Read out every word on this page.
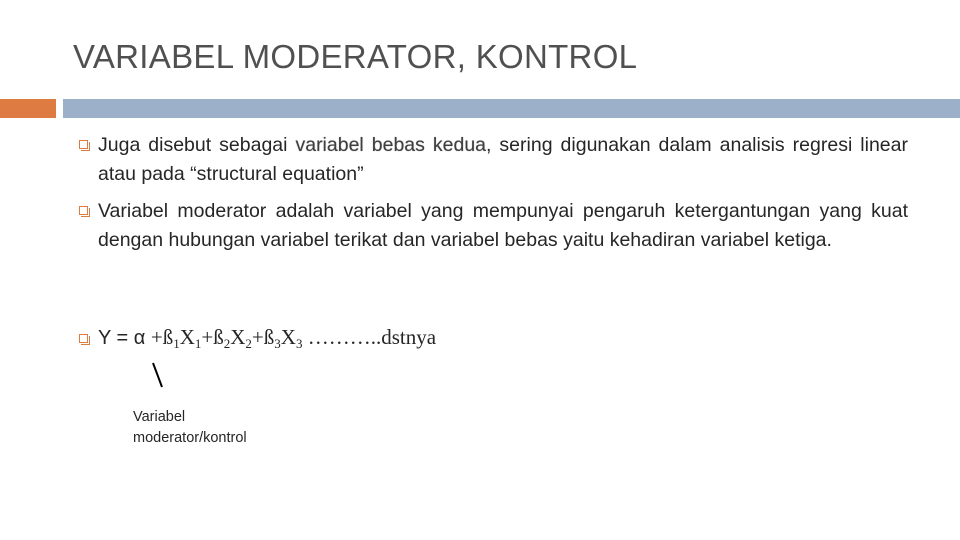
VARIABEL MODERATOR, KONTROL
Juga disebut sebagai variabel bebas kedua, sering digunakan dalam analisis regresi linear atau pada “structural equation”
Variabel moderator adalah variabel yang mempunyai pengaruh ketergantungan yang kuat dengan hubungan variabel terikat dan variabel bebas yaitu kehadiran variabel ketiga.
$Y = \alpha +ß_1X_1+ß_2X_2+ß_3X_3$ ………..dstnya
Variabel
moderator/kontrol
